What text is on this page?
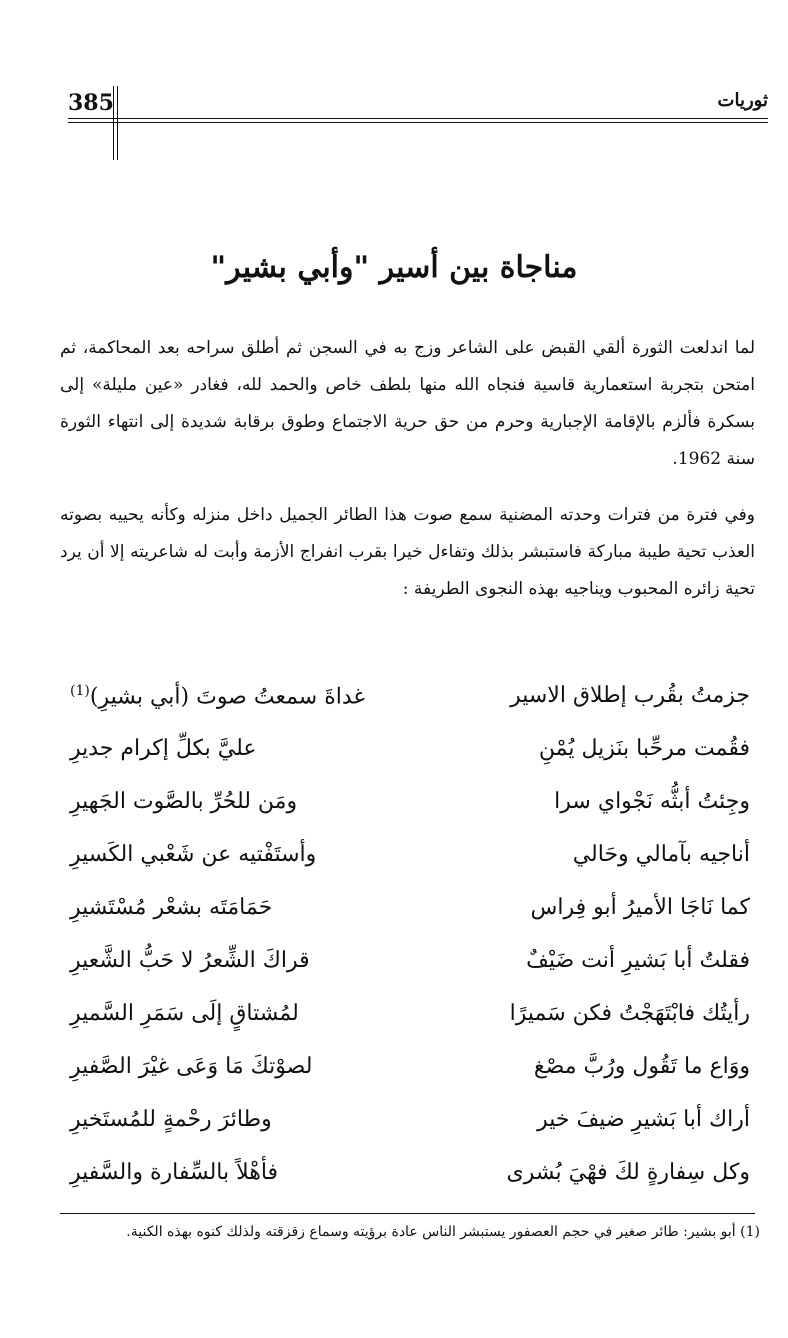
385	ثوريات
مناجاة بين أسير "وأبي بشير"

لما اندلعت الثورة ألقي القبض على الشاعر وزج به في السجن ثم أطلق سراحه بعد المحاكمة، ثم امتحن بتجربة استعمارية قاسية فنجاه الله منها بلطف خاص والحمد لله، فغادر «عين مليلة» إلى بسكرة فألزم بالإقامة الإجبارية وحرم من حق حرية الاجتماع وطوق برقابة شديدة إلى انتهاء الثورة سنة 1962.

وفي فترة من فترات وحدته المضنية سمع صوت هذا الطائر الجميل داخل منزله وكأنه يحييه بصوته العذب تحية طيبة مباركة فاستبشر بذلك وتفاءل خيرا بقرب انفراج الأزمة وأبت له شاعريته إلا أن يرد تحية زائره المحبوب ويناجيه بهذه النجوى الطريفة :

جزمتُ بقُرب إطلاق الاسير
غداةَ سمعتُ صوتَ (أبي بشيرِ)$^{(1)}$
فقُمت مرحِّبا بنَزيل يُمْنِ
عليَّ بكلِّ إكرام جديرِ
وجِئتُ أبثُّه نَجْواي سرا
ومَن للحُرِّ بالصَّوت الجَهيرِ
أناجيه بآمالي وحَالي
وأستَفْتيه عن شَعْبي الكَسيرِ
كما نَاجَا الأميرُ أبو فِراس
حَمَامَتَه بشعْر مُسْتَشيرِ
فقلتُ أبا بَشيرِ أنت ضَيْفٌ
قراكَ الشِّعرُ لا حَبُّ الشَّعيرِ
رأيتُك فابْتَهَجْتُ فكن سَميرًا
لمُشتاقٍ إلَى سَمَرِ السَّميرِ
ووَاع ما تَقُول ورُبَّ مصْغ
لصوْتكَ مَا وَعَى غيْرَ الصَّفيرِ
أراك أبا بَشيرِ ضيفَ خير
وطائرَ رحْمةٍ للمُستَخيرِ
وكل سِفارةٍ لكَ فهْيَ بُشرى
فأهْلاً بالسِّفارة والسَّفيرِ
(1) أبو بشير: طائر صغير في حجم العصفور يستبشر الناس عادة برؤيته وسماع زقزقته ولذلك كنوه بهذه الكنية.
